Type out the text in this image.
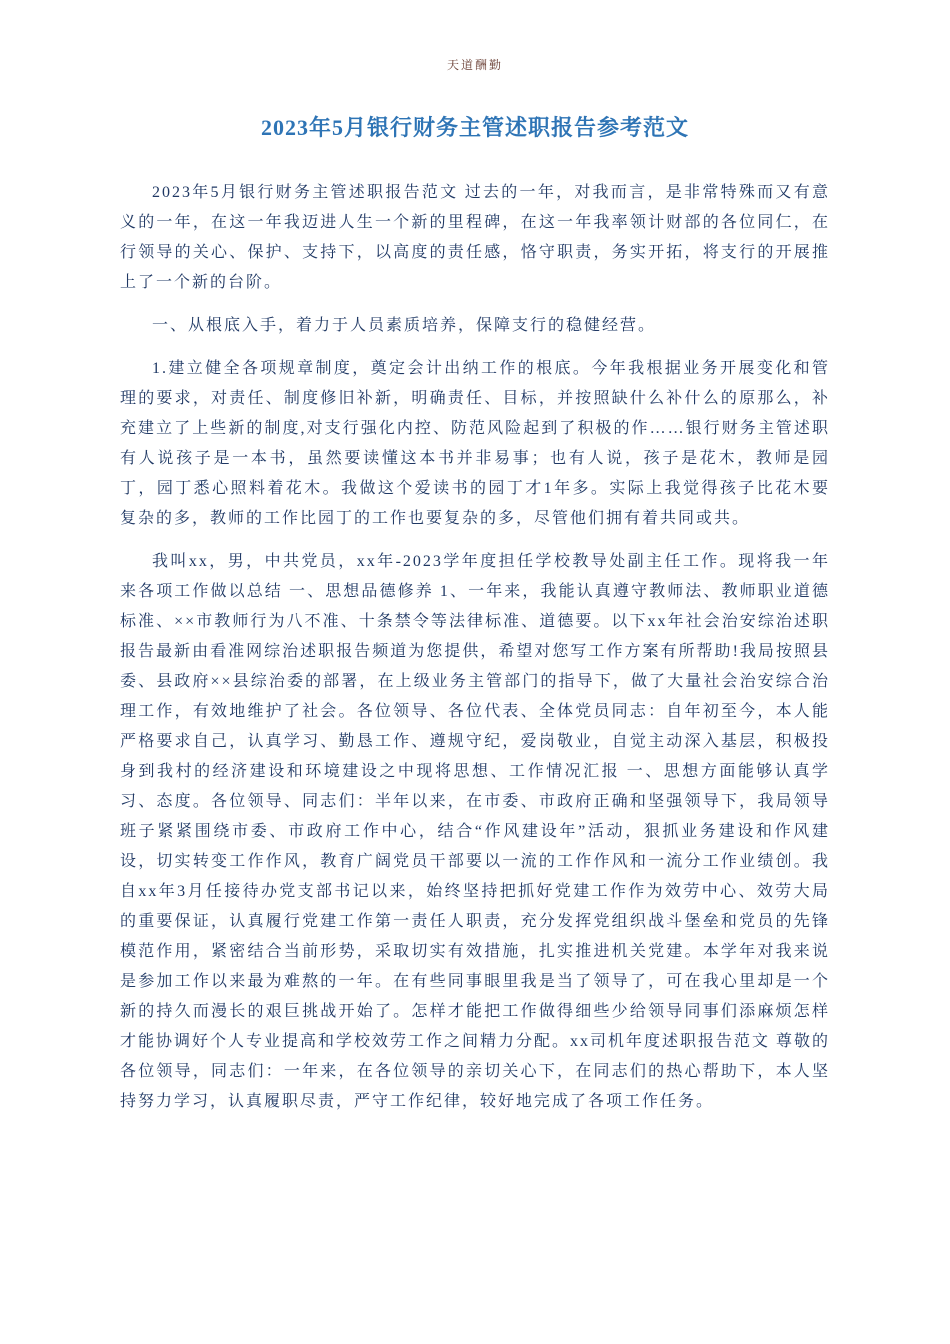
天道酬勤
2023年5月银行财务主管述职报告参考范文

2023年5月银行财务主管述职报告范文 过去的一年，对我而言，是非常特殊而又有意义的一年，在这一年我迈进人生一个新的里程碑，在这一年我率领计财部的各位同仁，在行领导的关心、保护、支持下，以高度的责任感，恪守职责，务实开拓，将支行的开展推上了一个新的台阶。

一、从根底入手，着力于人员素质培养，保障支行的稳健经营。

1.建立健全各项规章制度，奠定会计出纳工作的根底。今年我根据业务开展变化和管理的要求，对责任、制度修旧补新，明确责任、目标，并按照缺什么补什么的原那么，补充建立了上些新的制度,对支行强化内控、防范风险起到了积极的作……银行财务主管述职有人说孩子是一本书，虽然要读懂这本书并非易事；也有人说，孩子是花木，教师是园丁，园丁悉心照料着花木。我做这个爱读书的园丁才1年多。实际上我觉得孩子比花木要复杂的多，教师的工作比园丁的工作也要复杂的多，尽管他们拥有着共同或共。

我叫xx，男，中共党员，xx年-2023学年度担任学校教导处副主任工作。现将我一年来各项工作做以总结 一、思想品德修养 1、一年来，我能认真遵守教师法、教师职业道德标准、××市教师行为八不准、十条禁令等法律标准、道德要。以下xx年社会治安综治述职报告最新由看准网综治述职报告频道为您提供，希望对您写工作方案有所帮助!我局按照县委、县政府××县综治委的部署，在上级业务主管部门的指导下，做了大量社会治安综合治理工作，有效地维护了社会。各位领导、各位代表、全体党员同志：自年初至今，本人能严格要求自己，认真学习、勤恳工作、遵规守纪，爱岗敬业，自觉主动深入基层，积极投身到我村的经济建设和环境建设之中现将思想、工作情况汇报 一、思想方面能够认真学习、态度。各位领导、同志们：半年以来，在市委、市政府正确和坚强领导下，我局领导班子紧紧围绕市委、市政府工作中心，结合“作风建设年”活动，狠抓业务建设和作风建设，切实转变工作作风，教育广阔党员干部要以一流的工作作风和一流分工作业绩创。我自xx年3月任接待办党支部书记以来，始终坚持把抓好党建工作作为效劳中心、效劳大局的重要保证，认真履行党建工作第一责任人职责，充分发挥党组织战斗堡垒和党员的先锋模范作用，紧密结合当前形势，采取切实有效措施，扎实推进机关党建。本学年对我来说是参加工作以来最为难熬的一年。在有些同事眼里我是当了领导了，可在我心里却是一个新的持久而漫长的艰巨挑战开始了。怎样才能把工作做得细些少给领导同事们添麻烦怎样才能协调好个人专业提高和学校效劳工作之间精力分配。xx司机年度述职报告范文 尊敬的各位领导，同志们：一年来，在各位领导的亲切关心下，在同志们的热心帮助下，本人坚持努力学习，认真履职尽责，严守工作纪律，较好地完成了各项工作任务。
